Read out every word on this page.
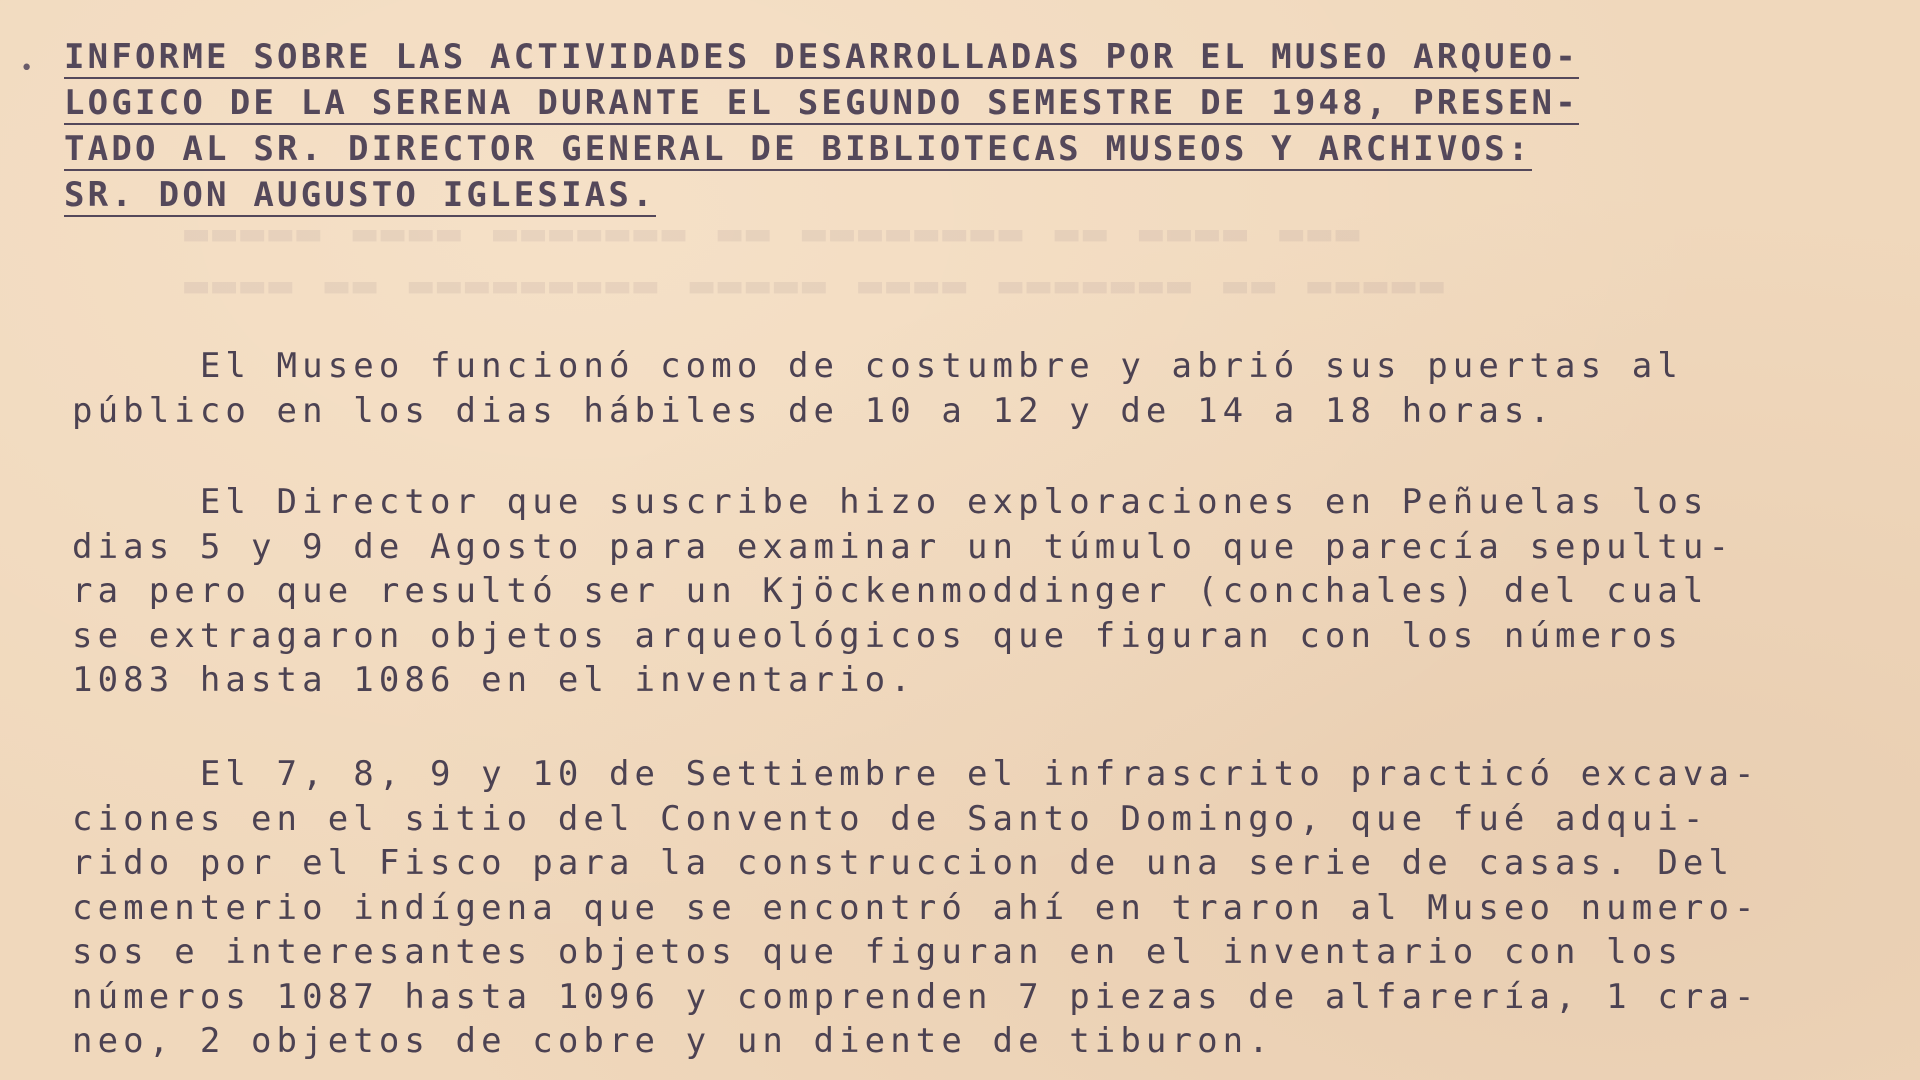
▬▬▬ ▬▬▬▬ ▬▬ ▬▬▬▬▬▬▬▬ ▬▬ ▬▬▬▬▬▬▬ ▬▬▬▬ ▬▬▬▬▬
▬▬▬▬▬ ▬▬ ▬▬▬▬▬▬▬ ▬▬▬▬ ▬▬▬▬▬ ▬▬▬▬▬▬▬▬▬ ▬▬ ▬▬▬▬
• INFORME SOBRE LAS ACTIVIDADES DESARROLLADAS POR EL MUSEO ARQUEO-
LOGICO DE LA SERENA DURANTE EL SEGUNDO SEMESTRE DE 1948, PRESEN-
TADO AL SR. DIRECTOR GENERAL DE BIBLIOTECAS MUSEOS Y ARCHIVOS:
SR. DON AUGUSTO IGLESIAS.
El Museo funcionó como de costumbre y abrió sus puertas al
público en los dias hábiles de 10 a 12 y de 14 a 18 horas.
El Director que suscribe hizo exploraciones en Peñuelas los
dias 5 y 9 de Agosto para examinar un túmulo que parecía sepultu-
ra pero que resultó ser un Kjöckenmoddinger (conchales) del cual
se extragaron objetos arqueológicos que figuran con los números
1083 hasta 1086 en el inventario.
El 7, 8, 9 y 10 de Settiembre el infrascrito practicó excava-
ciones en el sitio del Convento de Santo Domingo, que fué adqui-
rido por el Fisco para la construccion de una serie de casas. Del
cementerio indígena que se encontró ahí en traron al Museo numero-
sos e interesantes objetos que figuran en el inventario con los
números 1087 hasta 1096 y comprenden 7 piezas de alfarería, 1 cra-
neo, 2 objetos de cobre y un diente de tiburon.
